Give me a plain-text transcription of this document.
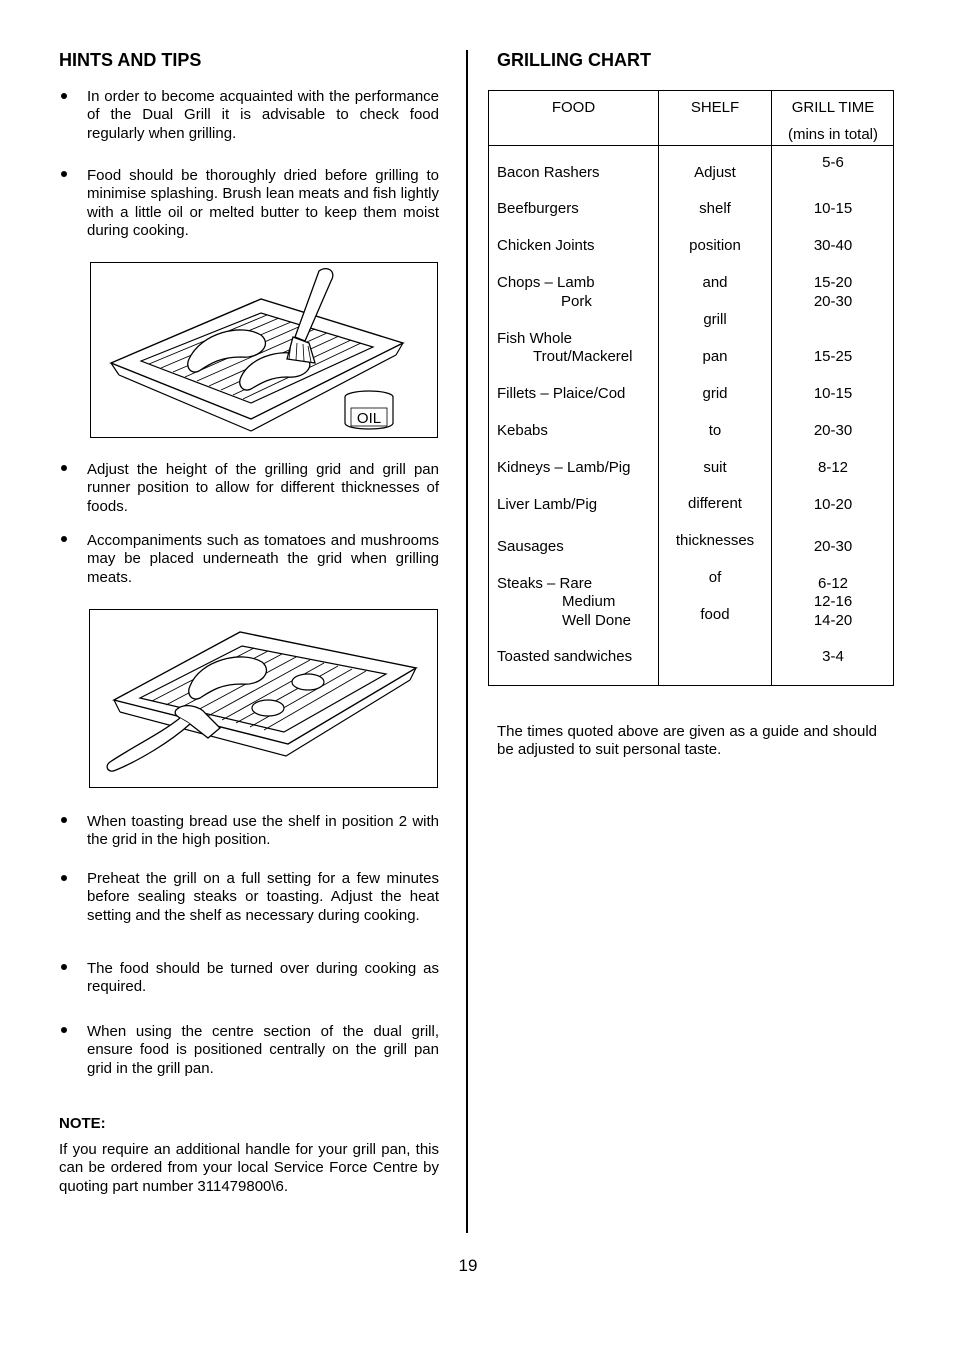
HINTS AND TIPS
In order to become acquainted with the performance of the Dual Grill it is advisable to check food regularly when grilling.
Food should be thoroughly dried before grilling to minimise splashing. Brush lean meats and fish lightly with a little oil or melted butter to keep them moist during cooking.
Adjust the height of the grilling grid and grill pan runner position to allow for different thicknesses of foods.
Accompaniments such as tomatoes and mushrooms may be placed underneath the grid when grilling meats.
When toasting bread use the shelf in position 2 with the grid in the high position.
Preheat the grill on a full setting for a few minutes before sealing steaks or toasting. Adjust the heat setting and the shelf as necessary during cooking.
The food should be turned over during cooking as required.
When using the centre section of the dual grill, ensure food is positioned centrally on the grill pan grid in the grill pan.
OIL
NOTE:
If you require an additional handle for your grill pan, this can be ordered from your local Service Force Centre by quoting part number 311479800\6.
GRILLING CHART
FOOD	SHELF	GRILL TIME
(mins in total)
Bacon Rashers
Beefburgers
Chicken Joints
Chops – Lamb
Pork
Fish Whole
Trout/Mackerel
Fillets – Plaice/Cod
Kebabs
Kidneys – Lamb/Pig
Liver Lamb/Pig
Sausages
Steaks – Rare
Medium
Well Done
Toasted sandwiches
Adjust
shelf
position
and
grill
pan
grid
to
suit
different
thicknesses
of
food
5-6
10-15
30-40
15-20
20-30
15-25
10-15
20-30
8-12
10-20
20-30
6-12
12-16
14-20
3-4
The times quoted above are given as a guide and should be adjusted to suit personal taste.
19
